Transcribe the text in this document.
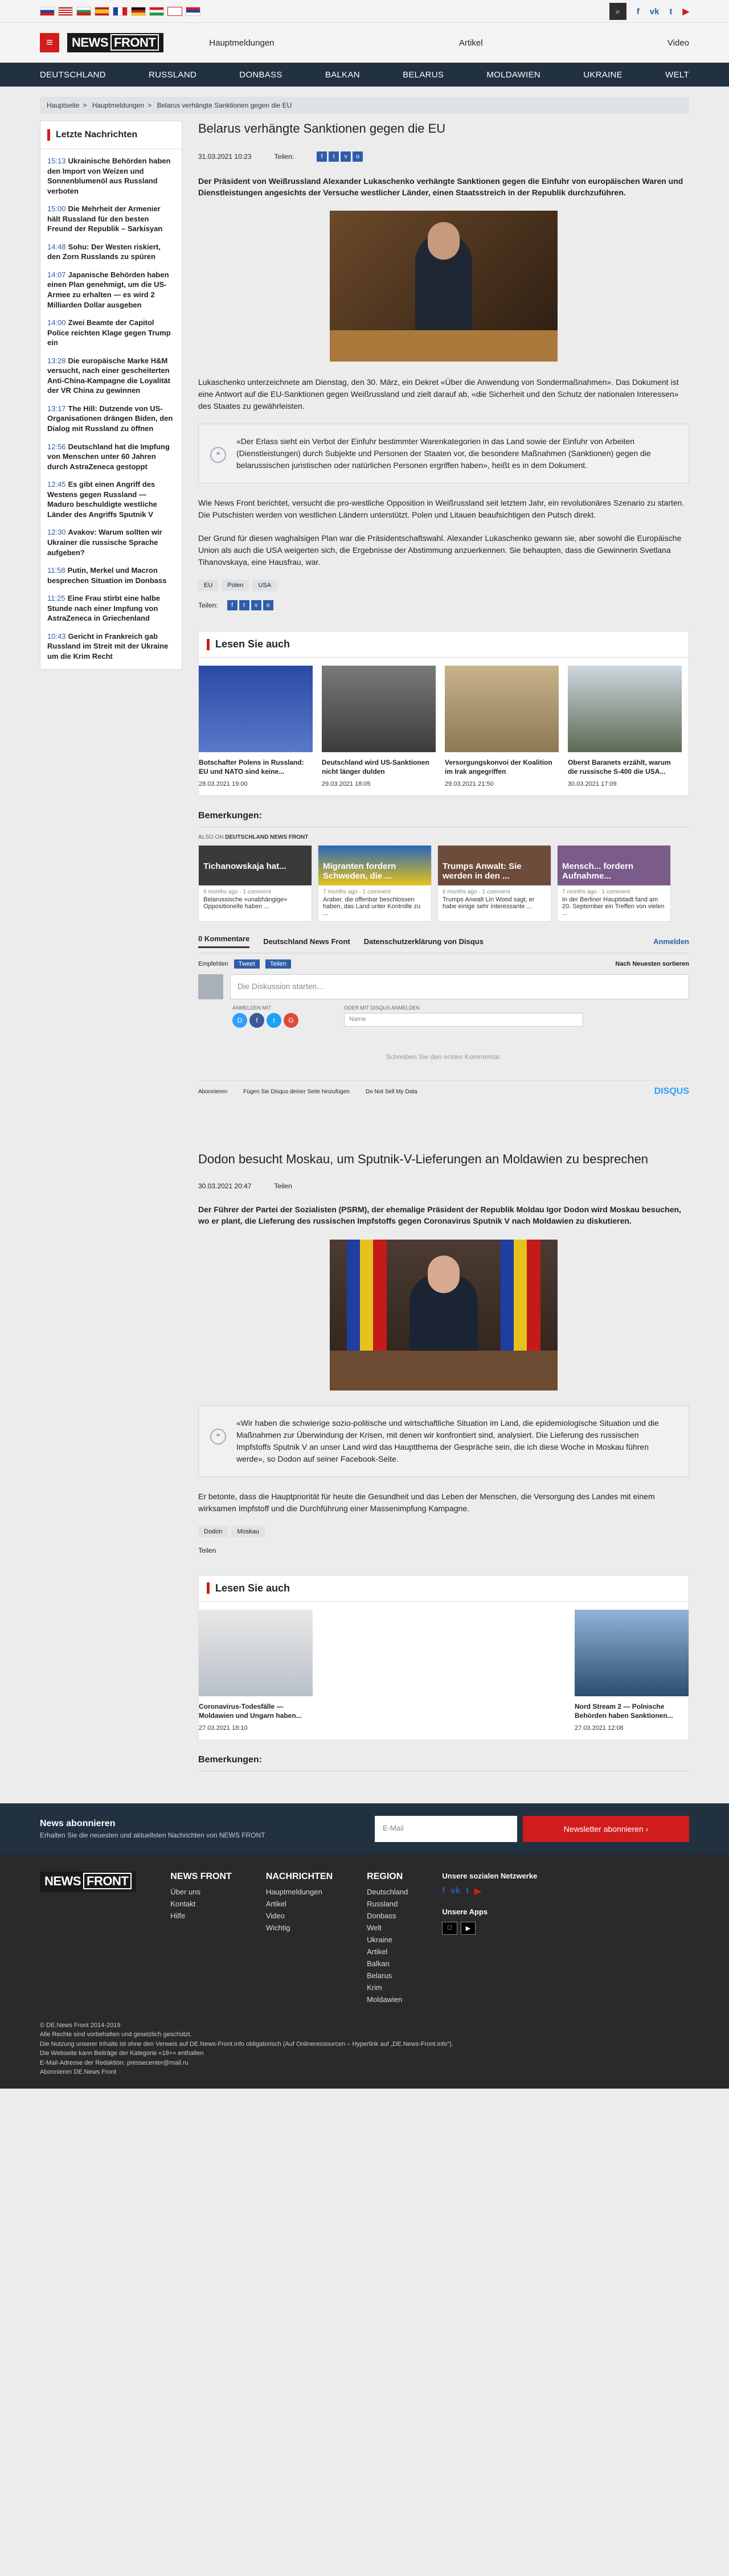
⌕	f vk t ▶
≡	NEWS FRONT	Hauptmeldungen	Artikel	Video
DEUTSCHLAND	RUSSLAND	DONBASS	BALKAN	BELARUS	MOLDAWIEN	UKRAINE	WELT
Hauptseite > Hauptmeldungen > Belarus verhängte Sanktionen gegen die EU
Letzte Nachrichten
15:13 Ukrainische Behörden haben den Import von Weizen und Sonnenblumenöl aus Russland verboten
15:00 Die Mehrheit der Armenier hält Russland für den besten Freund der Republik – Sarkisyan
14:48 Sohu: Der Westen riskiert, den Zorn Russlands zu spüren
14:07 Japanische Behörden haben einen Plan genehmigt, um die US-Armee zu erhalten — es wird 2 Milliarden Dollar ausgeben
14:00 Zwei Beamte der Capitol Police reichten Klage gegen Trump ein
13:28 Die europäische Marke H&M versucht, nach einer gescheiterten Anti-China-Kampagne die Loyalität der VR China zu gewinnen
13:17 The Hill: Dutzende von US-Organisationen drängen Biden, den Dialog mit Russland zu öffnen
12:56 Deutschland hat die Impfung von Menschen unter 60 Jahren durch AstraZeneca gestoppt
12:45 Es gibt einen Angriff des Westens gegen Russland — Maduro beschuldigte westliche Länder des Angriffs Sputnik V
12:30 Avakov: Warum sollten wir Ukrainer die russische Sprache aufgeben?
11:58 Putin, Merkel und Macron besprechen Situation im Donbass
11:25 Eine Frau stirbt eine halbe Stunde nach einer Impfung von AstraZeneca in Griechenland
10:43 Gericht in Frankreich gab Russland im Streit mit der Ukraine um die Krim Recht
Belarus verhängte Sanktionen gegen die EU
31.03.2021 10:23	Teilen:	f	t	v	o

Der Präsident von Weißrussland Alexander Lukaschenko verhängte Sanktionen gegen die Einfuhr von europäischen Waren und Dienstleistungen angesichts der Versuche westlicher Länder, einen Staatsstreich in der Republik durchzuführen.

Lukaschenko unterzeichnete am Dienstag, den 30. März, ein Dekret «Über die Anwendung von Sondermaßnahmen». Das Dokument ist eine Antwort auf die EU-Sanktionen gegen Weißrussland und zielt darauf ab, «die Sicherheit und den Schutz der nationalen Interessen» des Staates zu gewährleisten.

❝
«Der Erlass sieht ein Verbot der Einfuhr bestimmter Warenkategorien in das Land sowie der Einfuhr von Arbeiten (Dienstleistungen) durch Subjekte und Personen der Staaten vor, die besondere Maßnahmen (Sanktionen) gegen die belarussischen juristischen oder natürlichen Personen ergriffen haben», heißt es in dem Dokument.

Wie News Front berichtet, versucht die pro-westliche Opposition in Weißrussland seit letztem Jahr, ein revolutionäres Szenario zu starten. Die Putschisten werden von westlichen Ländern unterstützt. Polen und Litauen beaufsichtigen den Putsch direkt.

Der Grund für diesen waghalsigen Plan war die Präsidentschaftswahl. Alexander Lukaschenko gewann sie, aber sowohl die Europäische Union als auch die USA weigerten sich, die Ergebnisse der Abstimmung anzuerkennen. Sie behaupten, dass die Gewinnerin Svetlana Tihanovskaya, eine Hausfrau, war.

EU	Polen	USA
Teilen:	f	t	v	o
Lesen Sie auch
Botschafter Polens in Russland: EU und NATO sind keine...
28.03.2021 19:00
Deutschland wird US-Sanktionen nicht länger dulden
29.03.2021 18:05
Versorgungskonvoi der Koalition im Irak angegriffen
29.03.2021 21:50
Oberst Baranets erzählt, warum die russische S-400 die USA...
30.03.2021 17:09
Bemerkungen:
ALSO ON DEUTSCHLAND NEWS FRONT
Tichanowskaja hat...
6 months ago · 1 comment
Belarussische «unabhängige» Oppositionelle haben ...
Migranten fordern Schweden, die ...
7 months ago · 1 comment
Araber, die offenbar beschlossen haben, das Land unter Kontrolle zu ...
Trumps Anwalt: Sie werden in den ...
6 months ago · 1 comment
Trumps Anwalt Lin Wood sagt, er habe einige sehr interessante ...
Mensch... fordern Aufnahme...
7 months ago · 1 comment
In der Berliner Hauptstadt fand am 20. September ein Treffen von vielen ...
0 Kommentare Deutschland News Front Datenschutzerklärung von Disqus	Anmelden
Empfehlen	Tweet	Teilen	Nach Neuesten sortieren
Die Diskussion starten...
ANMELDEN MIT
D	f	t	G
ODER MIT DISQUS ANMELDEN
Name
Schreiben Sie den ersten Kommentar.
Abonnieren	Fügen Sie Disqus deiner Seite hinzufügen	Do Not Sell My Data	DISQUS
Dodon besucht Moskau, um Sputnik-V-Lieferungen an Moldawien zu besprechen
30.03.2021 20:47	Teilen

Der Führer der Partei der Sozialisten (PSRM), der ehemalige Präsident der Republik Moldau Igor Dodon wird Moskau besuchen, wo er plant, die Lieferung des russischen Impfstoffs gegen Coronavirus Sputnik V nach Moldawien zu diskutieren.

❝
«Wir haben die schwierige sozio-politische und wirtschaftliche Situation im Land, die epidemiologische Situation und die Maßnahmen zur Überwindung der Krisen, mit denen wir konfrontiert sind, analysiert. Die Lieferung des russischen Impfstoffs Sputnik V an unser Land wird das Hauptthema der Gespräche sein, die ich diese Woche in Moskau führen werde», so Dodon auf seiner Facebook-Seite.

Er betonte, dass die Hauptpriorität für heute die Gesundheit und das Leben der Menschen, die Versorgung des Landes mit einem wirksamen Impfstoff und die Durchführung einer Massenimpfung Kampagne.

Dodon	Moskau
Teilen
Lesen Sie auch
Coronavirus-Todesfälle — Moldawien und Ungarn haben...
27.03.2021 18:10
Nord Stream 2 — Polnische Behörden haben Sanktionen...
27.03.2021 12:08
Bemerkungen:
News abonnieren

Erhalten Sie die neuesten und aktuellsten Nachrichten von NEWS FRONT

E-Mail	Newsletter abonnieren ›
NEWS FRONT	NEWS FRONT
Über uns
Kontakt
Hilfe
NACHRICHTEN
Hauptmeldungen
Artikel
Video
Wichtig
REGION
Deutschland
Russland
Donbass
Welt
Ukraine
Artikel
Balkan
Belarus
Krim
Moldawien
Unsere sozialen Netzwerke
f vk t ▶
Unsere Apps
▶
© DE.News Front 2014-2019
Alle Rechte sind vorbehalten und gesetzlich geschützt.
Die Nutzung unserer Inhalte ist ohne den Verweis auf DE.News-Front.info obligatorisch (Auf Onlineressourcen – Hyperlink auf „DE.News-Front.info“).
Die Webseite kann Beiträge der Kategorie «18+» enthalten
E-Mail-Adresse der Redaktion: pressecenter@mail.ru
Abonnieren DE.News Front
